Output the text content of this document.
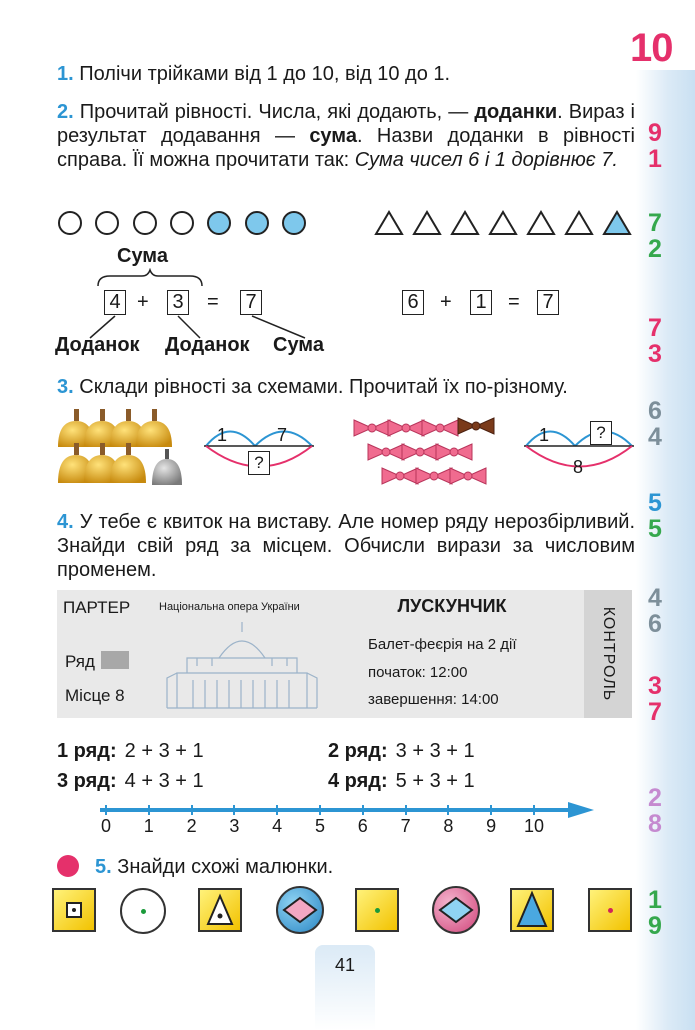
10
9
1
7
2
7
3
6
4
5
5
4
6
3
7
2
8
1
9
1. Полічи трійками від 1 до 10, від 10 до 1.
2. Прочитай рівності. Числа, які додають, — доданки. Вираз і результат додавання — сума. Назви доданки в рівності справа. Її можна прочитати так: Сума чисел 6 і 1 дорівнює 7.
Сума
4 + 3 = 7
Доданок Доданок Сума
6 + 1 = 7
3. Склади рівності за схемами. Прочитай їх по-різному.
1	7
?
1	?
8
4. У тебе є квиток на виставу. Але номер ряду нерозбірливий. Знайди свій ряд за місцем. Обчисли вирази за числовим променем.
ПАРТЕР	Національна опера України
Ряд
Місце 8
ЛУСКУНЧИК
Балет-феєрія на 2 дії
початок: 12:00
завершення: 14:00	КОНТРОЛЬ
1 ряд: 2 + 3 + 1	2 ряд: 3 + 3 + 1
3 ряд: 4 + 3 + 1	4 ряд: 5 + 3 + 1
0	1	2	3	4	5	6	7	8	9	10
5. Знайди схожі малюнки.
41
